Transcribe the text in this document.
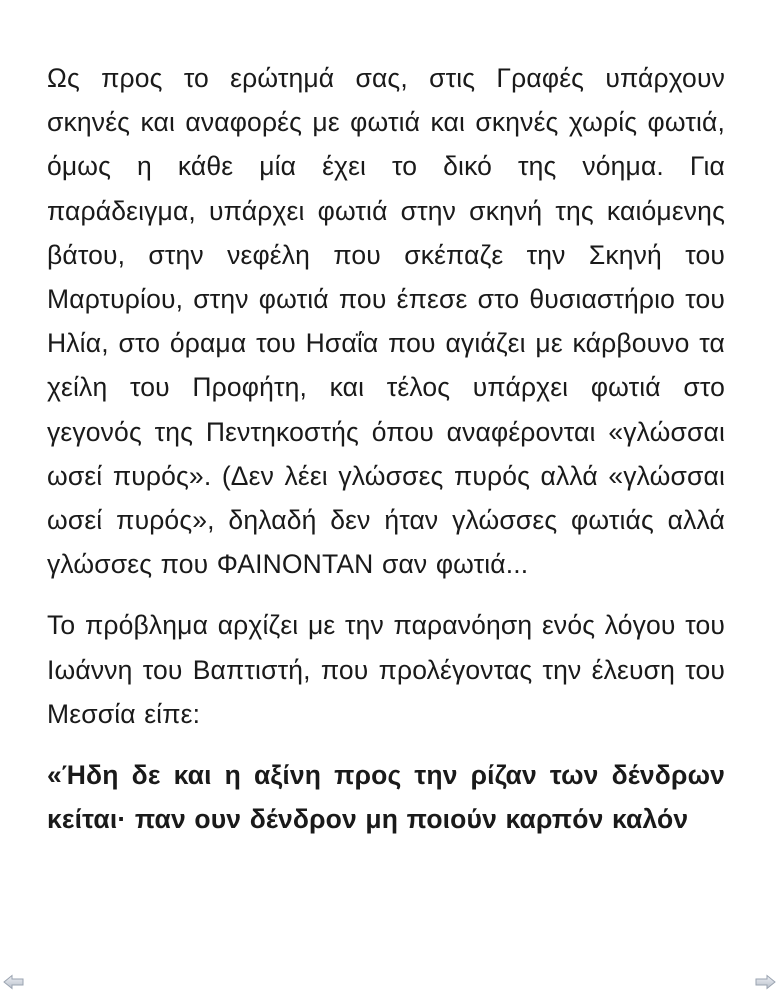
Ως προς το ερώτημά σας, στις Γραφές υπάρχουν σκηνές και αναφορές με φωτιά και σκηνές χωρίς φωτιά, όμως η κάθε μία έχει το δικό της νόημα. Για παράδειγμα, υπάρχει φωτιά στην σκηνή της καιόμενης βάτου, στην νεφέλη που σκέπαζε την Σκηνή του Μαρτυρίου, στην φωτιά που έπεσε στο θυσιαστήριο του Ηλία, στο όραμα του Ησαΐα που αγιάζει με κάρβουνο τα χείλη του Προφήτη, και τέλος υπάρχει φωτιά στο γεγονός της Πεντηκοστής όπου αναφέρονται «γλώσσαι ωσεί πυρός». (Δεν λέει γλώσσες πυρός αλλά «γλώσσαι ωσεί πυρός», δηλαδή δεν ήταν γλώσσες φωτιάς αλλά γλώσσες που ΦΑΙΝΟΝΤΑΝ σαν φωτιά...

Το πρόβλημα αρχίζει με την παρανόηση ενός λόγου του Ιωάννη του Βαπτιστή, που προλέγοντας την έλευση του Μεσσία είπε:

«Ήδη δε και η αξίνη προς την ρίζαν των δένδρων κείται· παν ουν δένδρον μη ποιούν καρπόν καλόν
